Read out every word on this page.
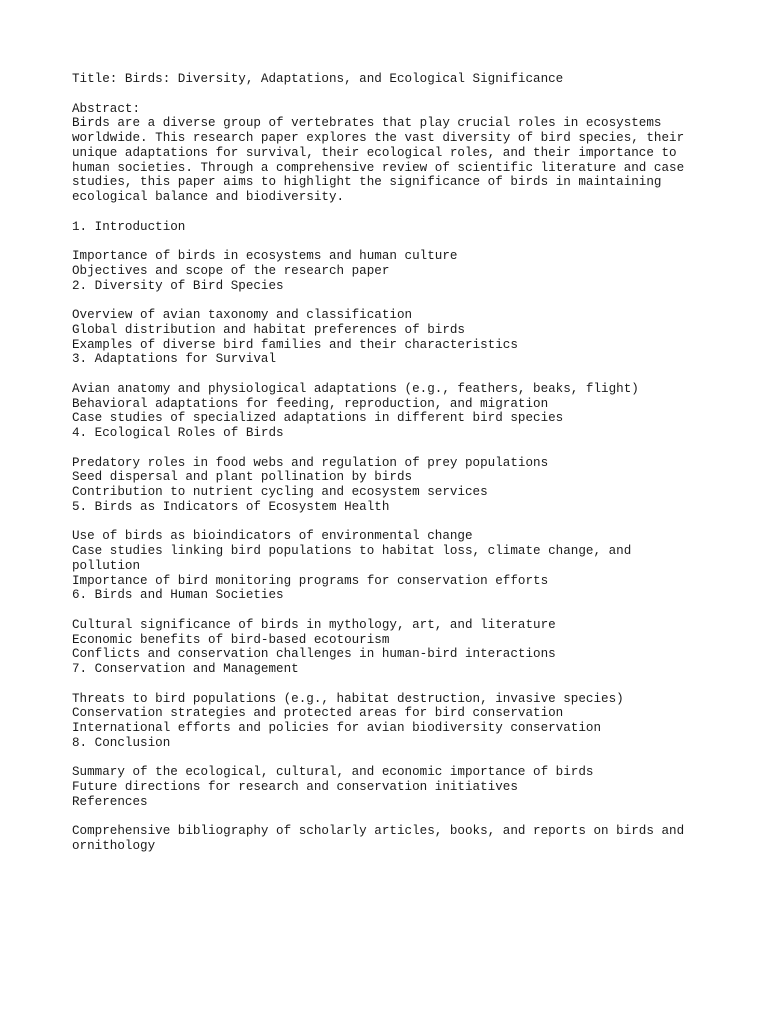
Title: Birds: Diversity, Adaptations, and Ecological Significance
Abstract:
Birds are a diverse group of vertebrates that play crucial roles in ecosystems
worldwide. This research paper explores the vast diversity of bird species, their
unique adaptations for survival, their ecological roles, and their importance to
human societies. Through a comprehensive review of scientific literature and case
studies, this paper aims to highlight the significance of birds in maintaining
ecological balance and biodiversity.
1. Introduction
Importance of birds in ecosystems and human culture
Objectives and scope of the research paper
2. Diversity of Bird Species
Overview of avian taxonomy and classification
Global distribution and habitat preferences of birds
Examples of diverse bird families and their characteristics
3. Adaptations for Survival
Avian anatomy and physiological adaptations (e.g., feathers, beaks, flight)
Behavioral adaptations for feeding, reproduction, and migration
Case studies of specialized adaptations in different bird species
4. Ecological Roles of Birds
Predatory roles in food webs and regulation of prey populations
Seed dispersal and plant pollination by birds
Contribution to nutrient cycling and ecosystem services
5. Birds as Indicators of Ecosystem Health
Use of birds as bioindicators of environmental change
Case studies linking bird populations to habitat loss, climate change, and
pollution
Importance of bird monitoring programs for conservation efforts
6. Birds and Human Societies
Cultural significance of birds in mythology, art, and literature
Economic benefits of bird-based ecotourism
Conflicts and conservation challenges in human-bird interactions
7. Conservation and Management
Threats to bird populations (e.g., habitat destruction, invasive species)
Conservation strategies and protected areas for bird conservation
International efforts and policies for avian biodiversity conservation
8. Conclusion
Summary of the ecological, cultural, and economic importance of birds
Future directions for research and conservation initiatives
References
Comprehensive bibliography of scholarly articles, books, and reports on birds and
ornithology
